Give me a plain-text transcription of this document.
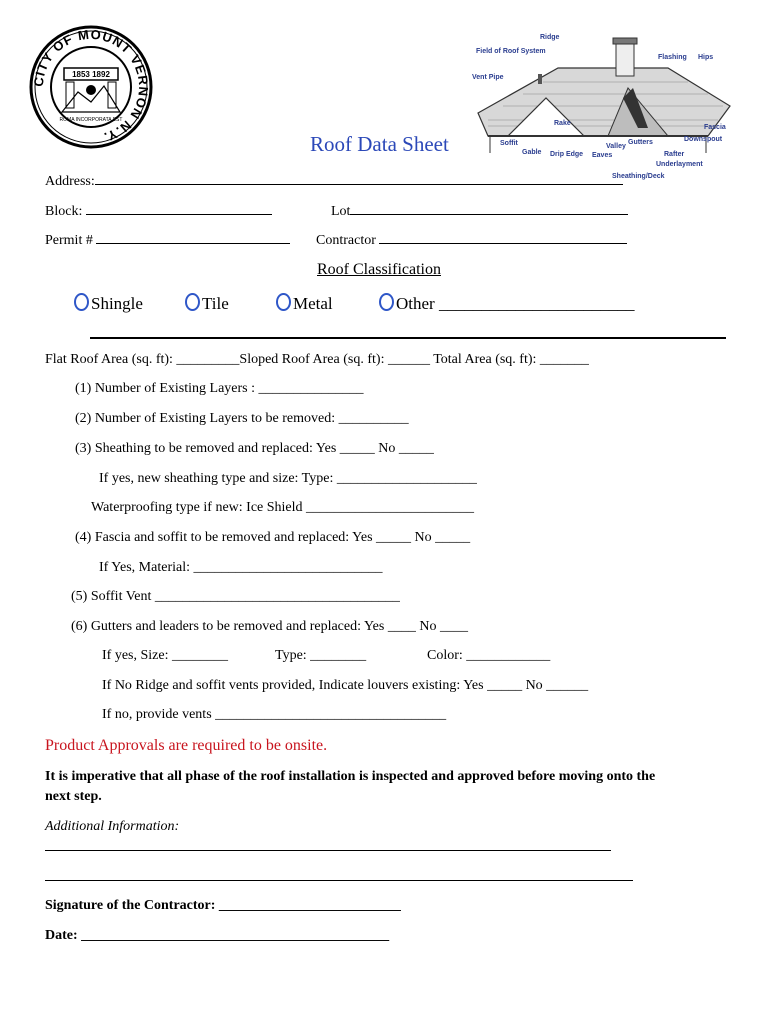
CITY OF MOUNT VERNON N.Y.
1853 1892
ROMA INCORPORATA EST
Ridge
Field of Roof System
Flashing Hips
Vent Pipe
Rake
Fascia
Downspout
Soffit
Gable Drip Edge Eaves
Valley
Gutters
Rafter
Underlayment
Sheathing/Deck
Roof Data Sheet
Address:
Block:	Lot
Permit #	Contractor
Roof Classification
Shingle	Tile	Metal	Other _______________________
Flat Roof Area (sq. ft): _________Sloped Roof Area (sq. ft): ______ Total Area (sq. ft): _______
(1) Number of Existing Layers : _______________
(2) Number of Existing Layers to be removed: __________
(3) Sheathing to be removed and replaced: Yes _____ No _____
If yes, new sheathing type and size: Type: ____________________
Waterproofing type if new: Ice Shield ________________________
(4) Fascia and soffit to be removed and replaced: Yes _____ No _____
If Yes, Material: ___________________________
(5) Soffit Vent ___________________________________
(6) Gutters and leaders to be removed and replaced: Yes ____ No ____
If yes, Size: ________	Type: ________	Color: ____________
If No Ridge and soffit vents provided, Indicate louvers existing: Yes _____ No ______
If no, provide vents _________________________________
Product Approvals are required to be onsite.
It is imperative that all phase of the roof installation is inspected and approved before moving onto the
next step.
Additional Information:
Signature of the Contractor: __________________________
Date: ____________________________________________
